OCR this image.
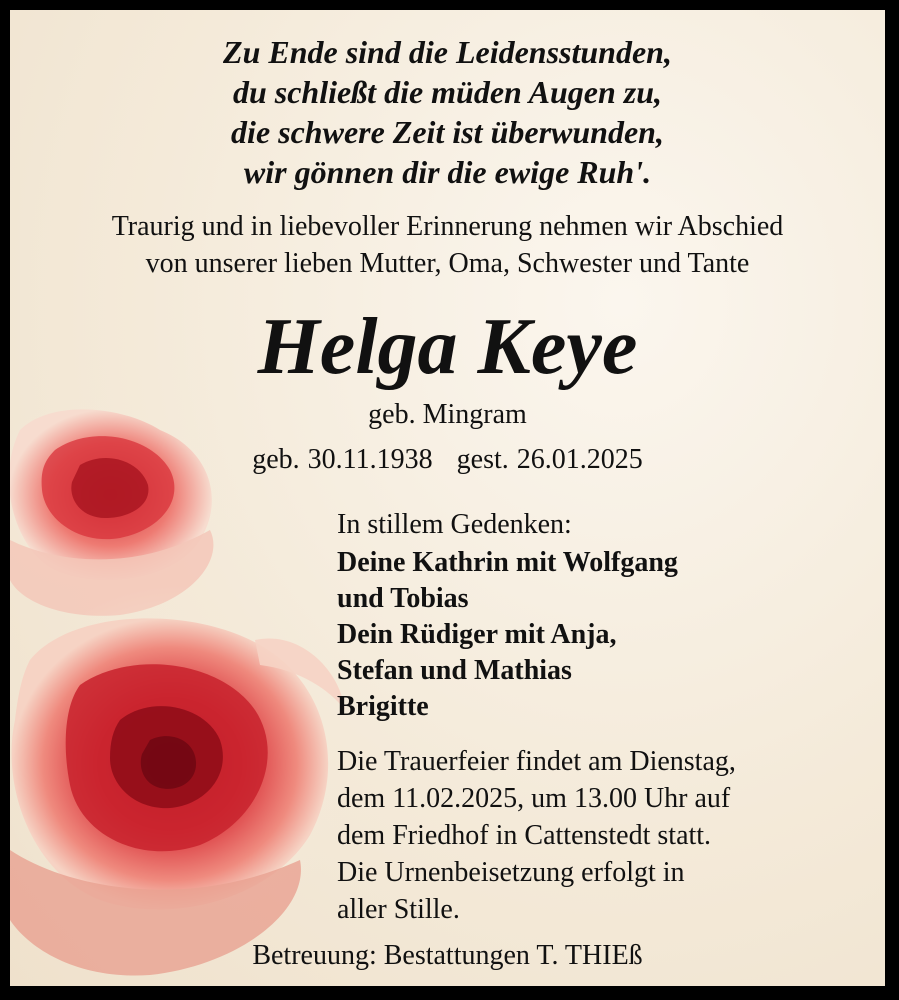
Zu Ende sind die Leidensstunden,
du schließt die müden Augen zu,
die schwere Zeit ist überwunden,
wir gönnen dir die ewige Ruh'.
Traurig und in liebevoller Erinnerung nehmen wir Abschied
von unserer lieben Mutter, Oma, Schwester und Tante
Helga Keye
geb. Mingram
geb. 30.11.1938 gest. 26.01.2025
In stillem Gedenken:
Deine Kathrin mit Wolfgang
und Tobias
Dein Rüdiger mit Anja,
Stefan und Mathias
Brigitte
Die Trauerfeier findet am Dienstag,
dem 11.02.2025, um 13.00 Uhr auf
dem Friedhof in Cattenstedt statt.
Die Urnenbeisetzung erfolgt in
aller Stille.
Betreuung: Bestattungen T. THIEß
